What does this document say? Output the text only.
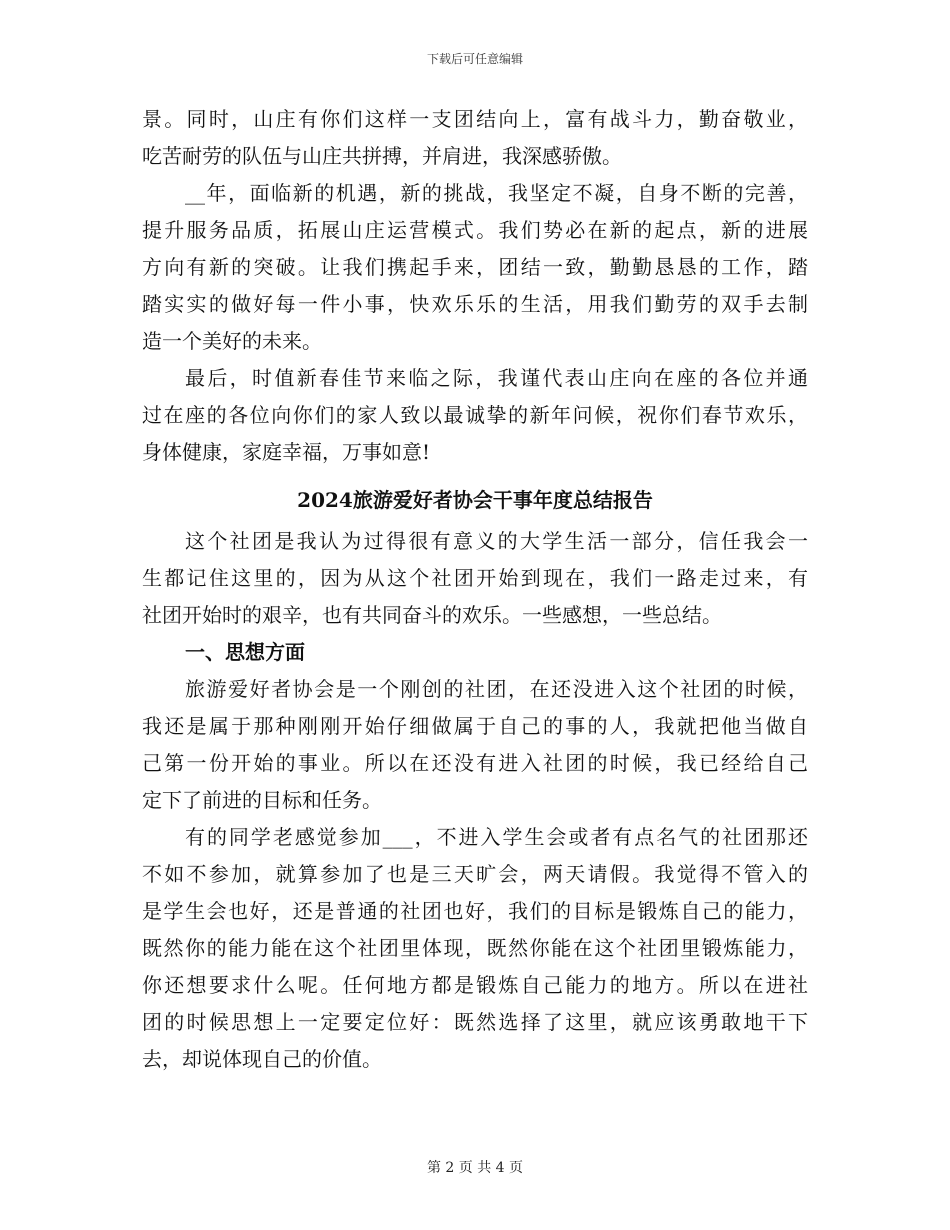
下载后可任意编辑
景。同时，山庄有你们这样一支团结向上，富有战斗力，勤奋敬业，
吃苦耐劳的队伍与山庄共拼搏，并肩进，我深感骄傲。
__年，面临新的机遇，新的挑战，我坚定不凝，自身不断的完善，
提升服务品质，拓展山庄运营模式。我们势必在新的起点，新的进展
方向有新的突破。让我们携起手来，团结一致，勤勤恳恳的工作，踏
踏实实的做好每一件小事，快欢乐乐的生活，用我们勤劳的双手去制
造一个美好的未来。
最后，时值新春佳节来临之际，我谨代表山庄向在座的各位并通
过在座的各位向你们的家人致以最诚挚的新年问候，祝你们春节欢乐，
身体健康，家庭幸福，万事如意!
2024旅游爱好者协会干事年度总结报告
这个社团是我认为过得很有意义的大学生活一部分，信任我会一
生都记住这里的，因为从这个社团开始到现在，我们一路走过来，有
社团开始时的艰辛，也有共同奋斗的欢乐。一些感想，一些总结。
一、思想方面
旅游爱好者协会是一个刚创的社团，在还没进入这个社团的时候，
我还是属于那种刚刚开始仔细做属于自己的事的人，我就把他当做自
己第一份开始的事业。所以在还没有进入社团的时候，我已经给自己
定下了前进的目标和任务。
有的同学老感觉参加___，不进入学生会或者有点名气的社团那还
不如不参加，就算参加了也是三天旷会，两天请假。我觉得不管入的
是学生会也好，还是普通的社团也好，我们的目标是锻炼自己的能力，
既然你的能力能在这个社团里体现，既然你能在这个社团里锻炼能力，
你还想要求什么呢。任何地方都是锻炼自己能力的地方。所以在进社
团的时候思想上一定要定位好：既然选择了这里，就应该勇敢地干下
去，却说体现自己的价值。
第 2 页 共 4 页
